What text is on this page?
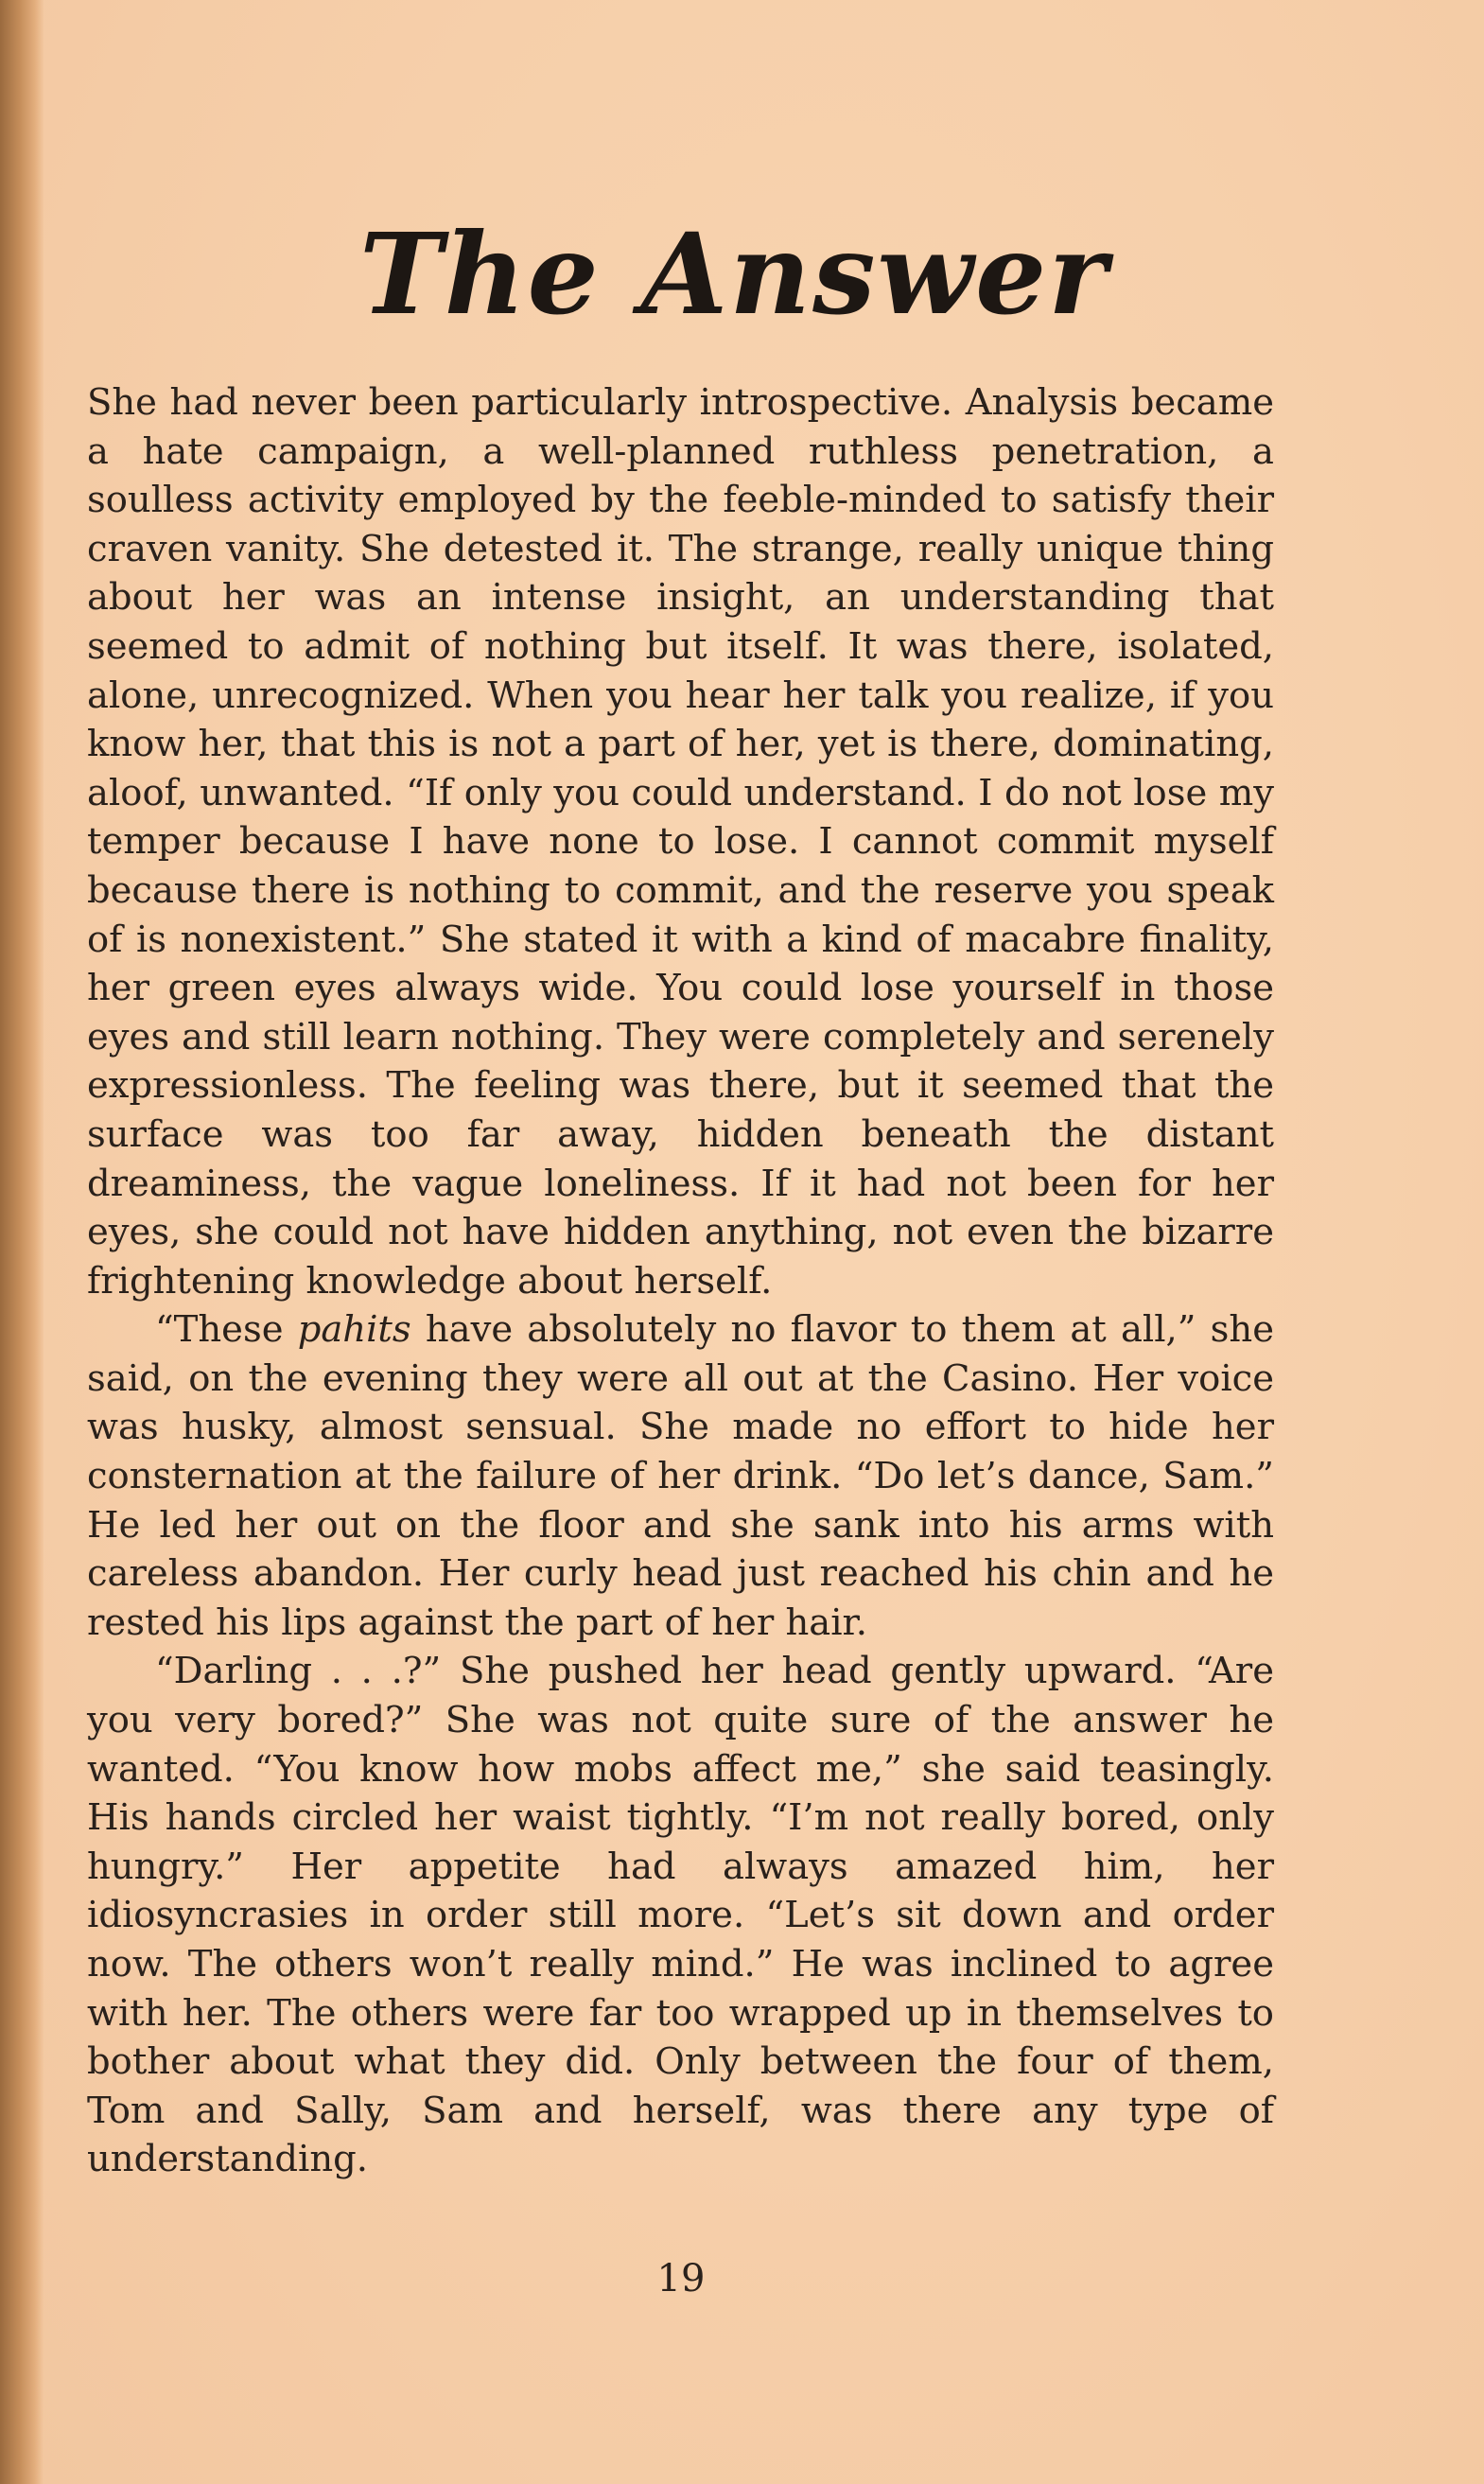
The Answer

She had never been particularly introspective. Analysis became a hate campaign, a well-planned ruthless penetration, a soulless activity employed by the feeble-minded to satisfy their craven vanity. She detested it. The strange, really unique thing about her was an intense insight, an understanding that seemed to admit of nothing but itself. It was there, isolated, alone, unrecognized. When you hear her talk you realize, if you know her, that this is not a part of her, yet is there, dominating, aloof, unwanted. “If only you could understand. I do not lose my temper because I have none to lose. I cannot commit myself because there is nothing to commit, and the reserve you speak of is nonexistent.” She stated it with a kind of macabre finality, her green eyes always wide. You could lose yourself in those eyes and still learn nothing. They were completely and serenely expressionless. The feeling was there, but it seemed that the surface was too far away, hidden beneath the distant dreaminess, the vague loneliness. If it had not been for her eyes, she could not have hidden anything, not even the bizarre frightening knowledge about herself.

“These pahits have absolutely no flavor to them at all,” she said, on the evening they were all out at the Casino. Her voice was husky, almost sensual. She made no effort to hide her consternation at the failure of her drink. “Do let’s dance, Sam.” He led her out on the floor and she sank into his arms with careless abandon. Her curly head just reached his chin and he rested his lips against the part of her hair.

“Darling . . .?” She pushed her head gently upward. “Are you very bored?” She was not quite sure of the answer he wanted. “You know how mobs affect me,” she said teasingly. His hands circled her waist tightly. “I’m not really bored, only hungry.” Her appetite had always amazed him, her idiosyncrasies in order still more. “Let’s sit down and order now. The others won’t really mind.” He was inclined to agree with her. The others were far too wrapped up in themselves to bother about what they did. Only between the four of them, Tom and Sally, Sam and herself, was there any type of understanding.

19
